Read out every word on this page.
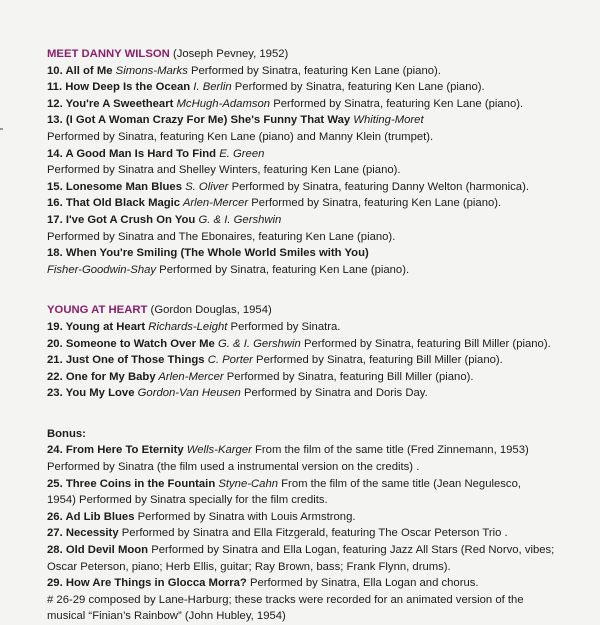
MEET DANNY WILSON (Joseph Pevney, 1952)
10. All of Me Simons-Marks Performed by Sinatra, featuring Ken Lane (piano).
11. How Deep Is the Ocean I. Berlin Performed by Sinatra, featuring Ken Lane (piano).
12. You're A Sweetheart McHugh-Adamson Performed by Sinatra, featuring Ken Lane (piano).
13. (I Got A Woman Crazy For Me) She's Funny That Way Whiting-Moret
Performed by Sinatra, featuring Ken Lane (piano) and Manny Klein (trumpet).
14. A Good Man Is Hard To Find E. Green
Performed by Sinatra and Shelley Winters, featuring Ken Lane (piano).
15. Lonesome Man Blues S. Oliver Performed by Sinatra, featuring Danny Welton (harmonica).
16. That Old Black Magic Arlen-Mercer Performed by Sinatra, featuring Ken Lane (piano).
17. I've Got A Crush On You G. & I. Gershwin
Performed by Sinatra and The Ebonaires, featuring Ken Lane (piano).
18. When You're Smiling (The Whole World Smiles with You)
Fisher-Goodwin-Shay Performed by Sinatra, featuring Ken Lane (piano).
YOUNG AT HEART (Gordon Douglas, 1954)
19. Young at Heart Richards-Leight Performed by Sinatra.
20. Someone to Watch Over Me G. & I. Gershwin Performed by Sinatra, featuring Bill Miller (piano).
21. Just One of Those Things C. Porter Performed by Sinatra, featuring Bill Miller (piano).
22. One for My Baby Arlen-Mercer Performed by Sinatra, featuring Bill Miller (piano).
23. You My Love Gordon-Van Heusen Performed by Sinatra and Doris Day.
Bonus:
24. From Here To Eternity Wells-Karger From the film of the same title (Fred Zinnemann, 1953)
Performed by Sinatra (the film used a instrumental version on the credits) .
25. Three Coins in the Fountain Styne-Cahn From the film of the same title (Jean Negulesco,
1954) Performed by Sinatra specially for the film credits.
26. Ad Lib Blues Performed by Sinatra with Louis Armstrong.
27. Necessity Performed by Sinatra and Ella Fitzgerald, featuring The Oscar Peterson Trio .
28. Old Devil Moon Performed by Sinatra and Ella Logan, featuring Jazz All Stars (Red Norvo, vibes;
Oscar Peterson, piano; Herb Ellis, guitar; Ray Brown, bass; Frank Flynn, drums).
29. How Are Things in Glocca Morra? Performed by Sinatra, Ella Logan and chorus.
# 26-29 composed by Lane-Harburg; these tracks were recorded for an animated version of the
musical “Finian’s Rainbow” (John Hubley, 1954)
